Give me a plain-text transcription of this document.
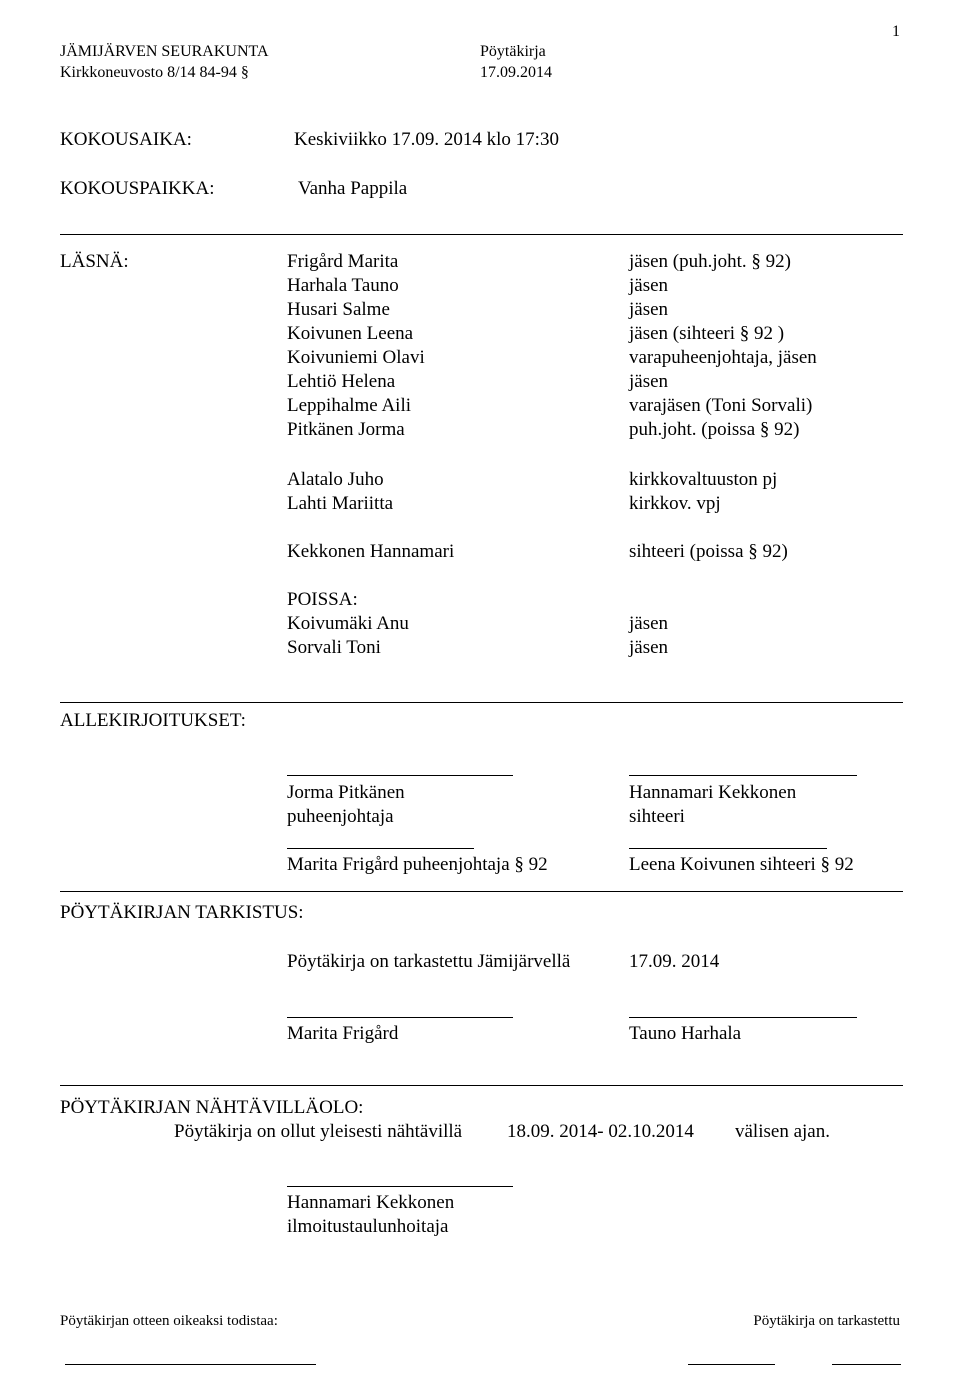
1
JÄMIJÄRVEN SEURAKUNTA	Pöytäkirja
Kirkkoneuvosto 8/14 84-94 §	17.09.2014
KOKOUSAIKA:	Keskiviikko 17.09. 2014 klo 17:30
KOKOUSPAIKKA:	Vanha Pappila
LÄSNÄ:	Frigård Marita	jäsen (puh.joht. § 92)
Harhala Tauno	jäsen
Husari Salme	jäsen
Koivunen Leena	jäsen (sihteeri § 92 )
Koivuniemi Olavi	varapuheenjohtaja, jäsen
Lehtiö Helena	jäsen
Leppihalme Aili	varajäsen (Toni Sorvali)
Pitkänen Jorma	puh.joht. (poissa § 92)
Alatalo Juho	kirkkovaltuuston pj
Lahti Mariitta	kirkkov. vpj
Kekkonen Hannamari	sihteeri (poissa § 92)
POISSA:
Koivumäki Anu	jäsen
Sorvali Toni	jäsen
ALLEKIRJOITUKSET:
Jorma Pitkänen	Hannamari Kekkonen
puheenjohtaja	sihteeri
Marita Frigård puheenjohtaja § 92	Leena Koivunen sihteeri § 92
PÖYTÄKIRJAN TARKISTUS:
Pöytäkirja on tarkastettu Jämijärvellä	17.09. 2014
Marita Frigård	Tauno Harhala
PÖYTÄKIRJAN NÄHTÄVILLÄOLO:
Pöytäkirja on ollut yleisesti nähtävillä 18.09. 2014- 02.10.2014 välisen ajan.
Hannamari Kekkonen
ilmoitustaulunhoitaja
Pöytäkirjan otteen oikeaksi todistaa:	Pöytäkirja on tarkastettu
